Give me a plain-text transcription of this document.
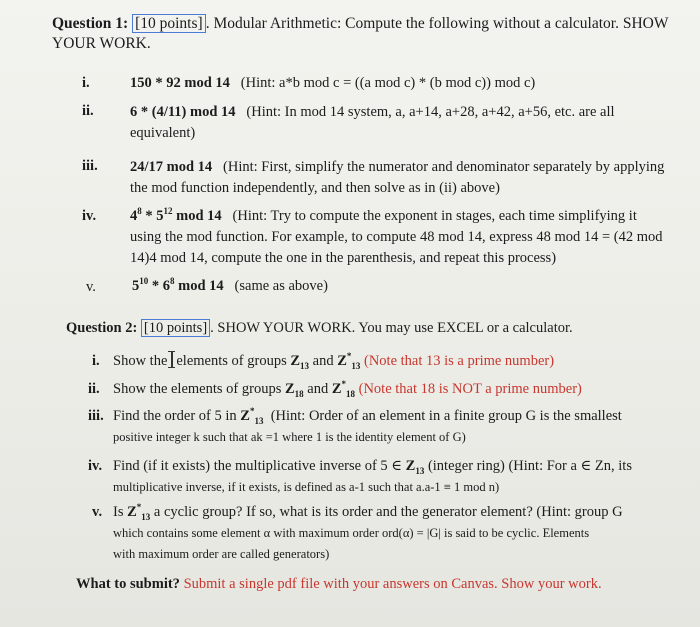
Question 1: [10 points] . Modular Arithmetic: Compute the following without a calculator. SHOW
YOUR WORK.
i.	150 * 92 mod 14 (Hint: a*b mod c = ((a mod c) * (b mod c)) mod c)
ii.	6 * (4/11) mod 14 (Hint: In mod 14 system, a, a+14, a+28, a+42, a+56, etc. are all
equivalent)
iii. 24/17 mod 14 (Hint: First, simplify the numerator and denominator separately by applying
the mod function independently, and then solve as in (ii) above)
iv. $4^8 * 5^{12}$ mod 14 (Hint: Try to compute the exponent in stages, each time simplifying it
using the mod function. For example, to compute 48 mod 14, express 48 mod 14 = (42 mod
14)4 mod 14, compute the one in the parenthesis, and repeat this process)
v. $5^{10} * 6^8$ mod 14 (same as above)
Question 2: [10 points] . SHOW YOUR WORK. You may use EXCEL or a calculator.
i. Show the elements of groups $Z_{13}$ and $Z^*_{13}$ (Note that 13 is a prime number)
ii. Show the elements of groups $Z_{18}$ and $Z^*_{18}$ (Note that 18 is NOT a prime number)
iii. Find the order of 5 in $Z^*_{13}$ (Hint: Order of an element in a finite group G is the smallest
positive integer k such that ak =1 where 1 is the identity element of G)
iv. Find (if it exists) the multiplicative inverse of 5 ∈ $Z_{13}$ (integer ring) (Hint: For a ∈ Zn, its
multiplicative inverse, if it exists, is defined as a-1 such that a.a-1 ≡ 1 mod n)
v. Is $Z^*_{13}$ a cyclic group? If so, what is its order and the generator element? (Hint: group G
which contains some element α with maximum order ord(α) = |G| is said to be cyclic. Elements
with maximum order are called generators)
What to submit? Submit a single pdf file with your answers on Canvas. Show your work.
